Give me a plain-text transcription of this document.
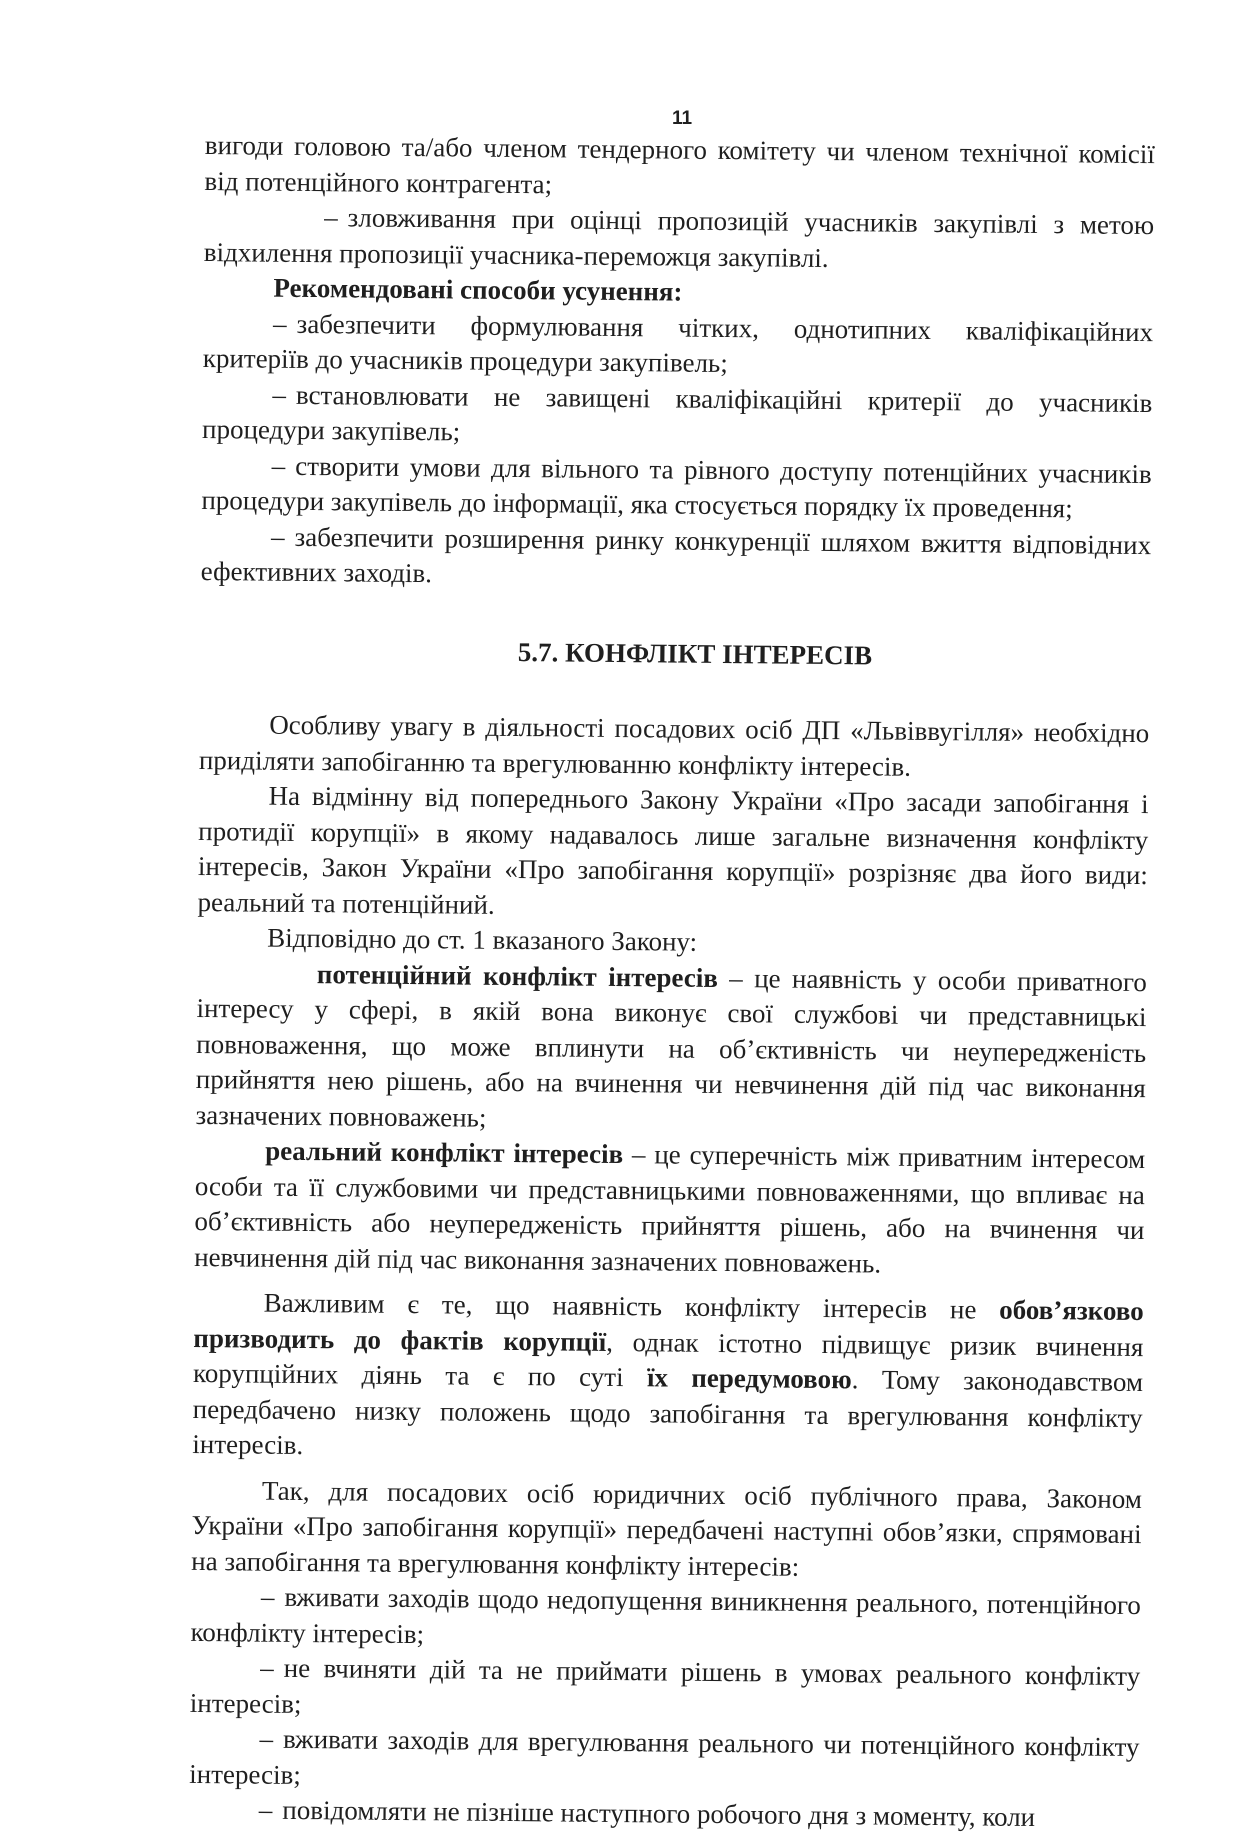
11

вигоди головою та/або членом тендерного комітету чи членом технічної комісії від потенційного контрагента;

– зловживання при оцінці пропозицій учасників закупівлі з метою відхилення пропозиції учасника-переможця закупівлі.

Рекомендовані способи усунення:

– забезпечити формулювання чітких, однотипних кваліфікаційних критеріїв до учасників процедури закупівель;

– встановлювати не завищені кваліфікаційні критерії до учасників процедури закупівель;

– створити умови для вільного та рівного доступу потенційних учасників процедури закупівель до інформації, яка стосується порядку їх проведення;

– забезпечити розширення ринку конкуренції шляхом вжиття відповідних ефективних заходів.

5.7. КОНФЛІКТ ІНТЕРЕСІВ

Особливу увагу в діяльності посадових осіб ДП «Львіввугілля» необхідно приділяти запобіганню та врегулюванню конфлікту інтересів.

На відмінну від попереднього Закону України «Про засади запобігання і протидії корупції» в якому надавалось лише загальне визначення конфлікту інтересів, Закон України «Про запобігання корупції» розрізняє два його види: реальний та потенційний.

Відповідно до ст. 1 вказаного Закону:

потенційний конфлікт інтересів – це наявність у особи приватного інтересу у сфері, в якій вона виконує свої службові чи представницькі повноваження, що може вплинути на об’єктивність чи неупередженість прийняття нею рішень, або на вчинення чи невчинення дій під час виконання зазначених повноважень;

реальний конфлікт інтересів – це суперечність між приватним інтересом особи та її службовими чи представницькими повноваженнями, що впливає на об’єктивність або неупередженість прийняття рішень, або на вчинення чи невчинення дій під час виконання зазначених повноважень.

Важливим є те, що наявність конфлікту інтересів не обов’язково призводить до фактів корупції, однак істотно підвищує ризик вчинення корупційних діянь та є по суті їх передумовою. Тому законодавством передбачено низку положень щодо запобігання та врегулювання конфлікту інтересів.

Так, для посадових осіб юридичних осіб публічного права, Законом України «Про запобігання корупції» передбачені наступні обов’язки, спрямовані на запобігання та врегулювання конфлікту інтересів:

– вживати заходів щодо недопущення виникнення реального, потенційного конфлікту інтересів;

– не вчиняти дій та не приймати рішень в умовах реального конфлікту інтересів;

– вживати заходів для врегулювання реального чи потенційного конфлікту інтересів;

– повідомляти не пізніше наступного робочого дня з моменту, коли
